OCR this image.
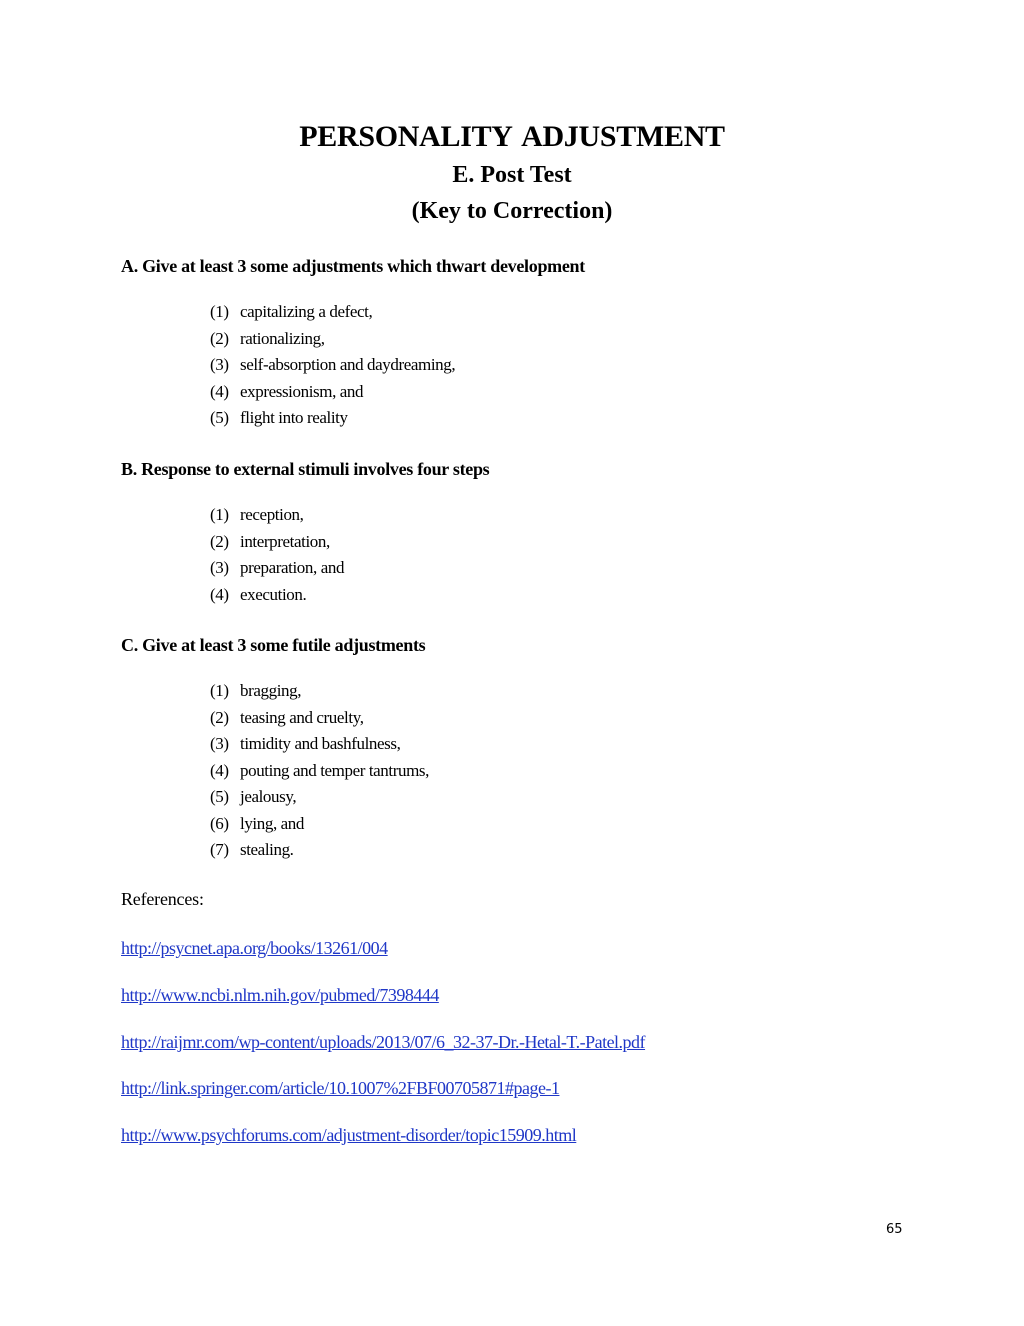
PERSONALITY ADJUSTMENT
E. Post Test
(Key to Correction)
A. Give at least 3 some adjustments which thwart development
(1) capitalizing a defect,
(2) rationalizing,
(3) self-absorption and daydreaming,
(4) expressionism, and
(5) flight into reality
B. Response to external stimuli involves four steps
(1) reception,
(2) interpretation,
(3) preparation, and
(4) execution.
C. Give at least 3 some futile adjustments
(1) bragging,
(2) teasing and cruelty,
(3) timidity and bashfulness,
(4) pouting and temper tantrums,
(5) jealousy,
(6) lying, and
(7) stealing.
References:
http://psycnet.apa.org/books/13261/004
http://www.ncbi.nlm.nih.gov/pubmed/7398444
http://raijmr.com/wp-content/uploads/2013/07/6_32-37-Dr.-Hetal-T.-Patel.pdf
http://link.springer.com/article/10.1007%2FBF00705871#page-1
http://www.psychforums.com/adjustment-disorder/topic15909.html
65
